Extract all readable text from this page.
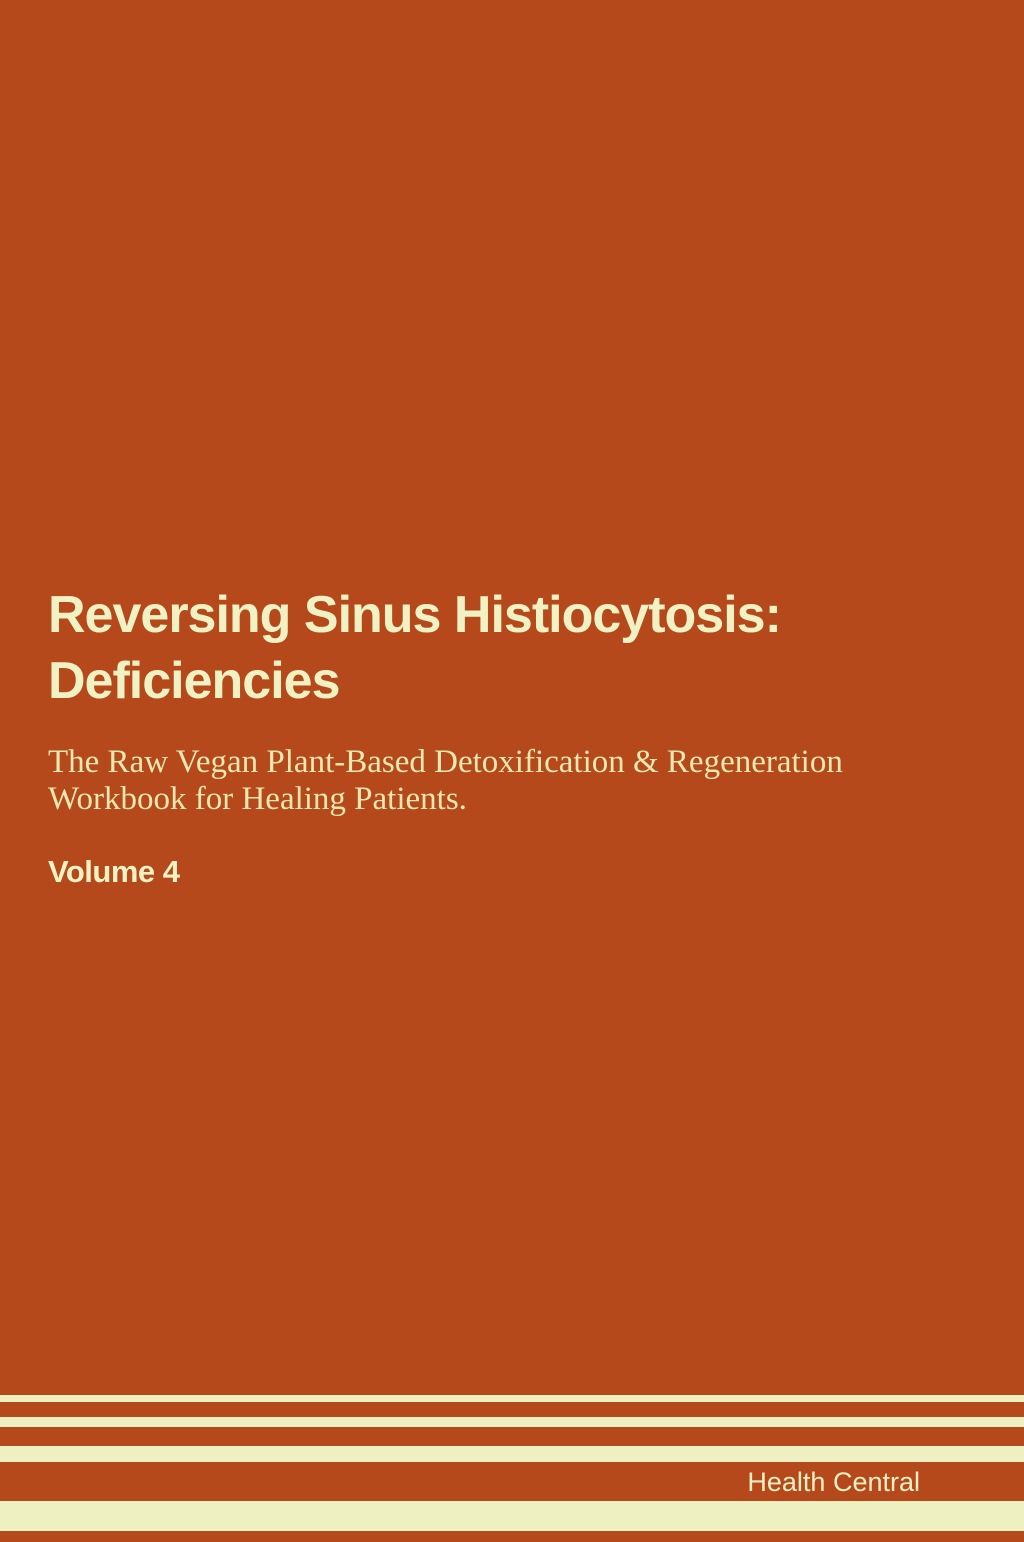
Reversing Sinus Histiocytosis:
Deficiencies
The Raw Vegan Plant-Based Detoxification & Regeneration
Workbook for Healing Patients.
Volume 4
Health Central
